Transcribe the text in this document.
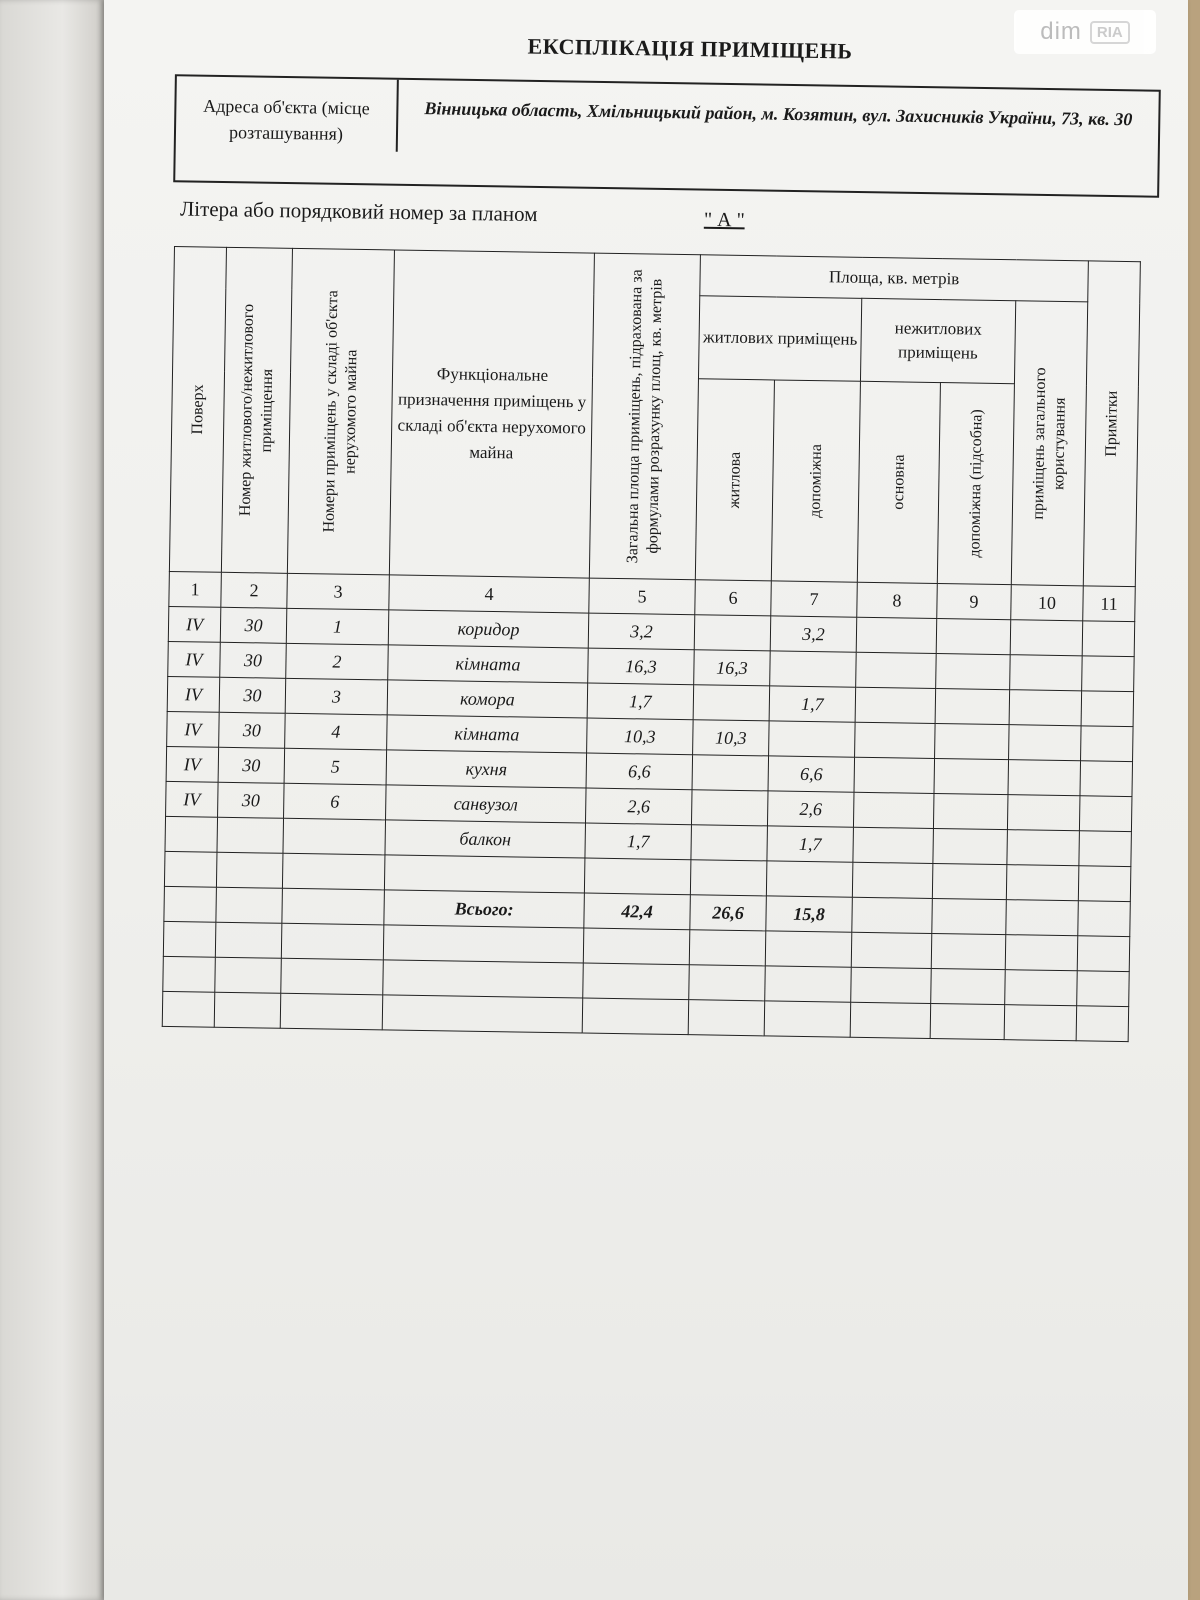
dim	RIA
ЕКСПЛІКАЦІЯ ПРИМІЩЕНЬ
Адреса об'єкта (місце розташування)
Вінницька область, Хмільницький район, м. Козятин, вул. Захисників України, 73, кв. 30
Літера або порядковий номер за планом	" А "
Поверх	Номер житлового/нежитлового приміщення	Номери приміщень у складі об'єкта нерухомого майна	Функціональне призначення приміщень у складі об'єкта нерухомого майна	Загальна площа приміщень, підрахована за формулами розрахунку площ, кв. метрів	Площа, кв. метрів					Примітки

					житлових приміщень		нежитлових приміщень		приміщень загального користування	

					житлова	допоміжна	основна	допоміжна (підсобна)		

1	2	3	4	5	6	7	8	9	10	11
IV	30	1	коридор	3,2		3,2				
IV	30	2	кімната	16,3	16,3					
IV	30	3	комора	1,7		1,7				
IV	30	4	кімната	10,3	10,3					
IV	30	5	кухня	6,6		6,6				
IV	30	6	санвузол	2,6		2,6				
			балкон	1,7		1,7				

			Всього:	42,4	26,6	15,8				
